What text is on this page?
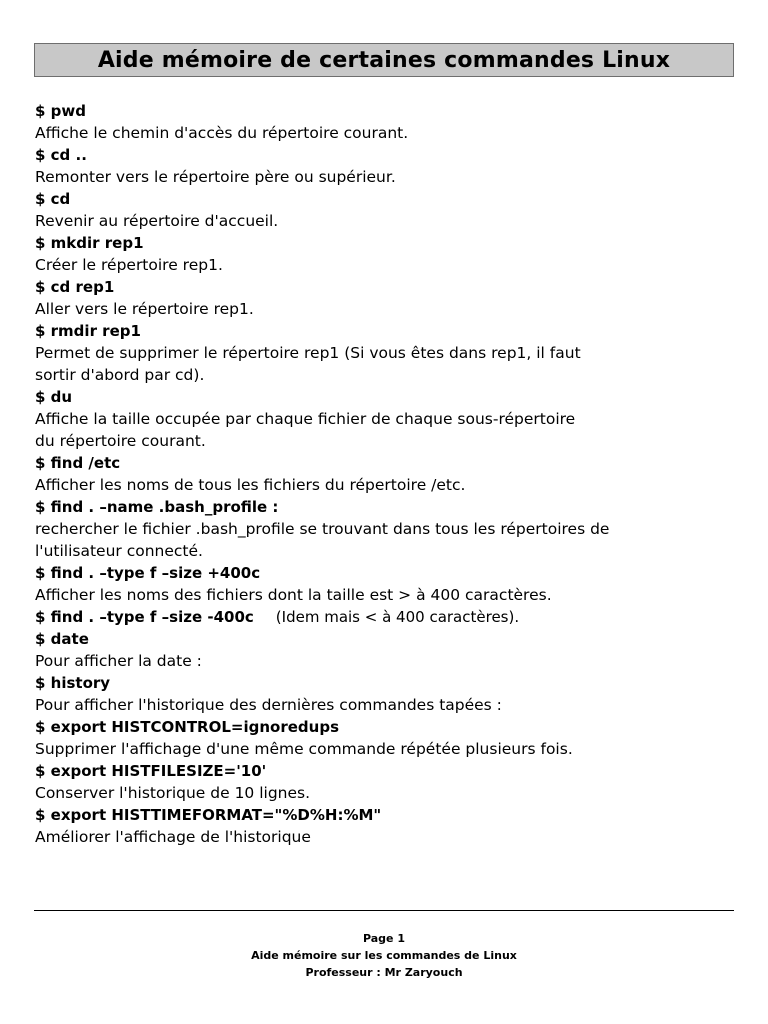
Aide mémoire de certaines commandes Linux
$ pwd
Affiche le chemin d'accès du répertoire courant.
$ cd ..
Remonter vers le répertoire père ou supérieur.
$ cd
Revenir au répertoire d'accueil.
$ mkdir rep1
Créer le répertoire rep1.
$ cd rep1
Aller vers le répertoire rep1.
$ rmdir rep1
Permet de supprimer le répertoire rep1 (Si vous êtes dans rep1, il faut
sortir d'abord par cd).
$ du
Affiche la taille occupée par chaque fichier de chaque sous-répertoire
du répertoire courant.
$ find /etc
Afficher les noms de tous les fichiers du répertoire /etc.
$ find . –name .bash_profile :
rechercher le fichier .bash_profile se trouvant dans tous les répertoires de
l'utilisateur connecté.
$ find . –type f –size +400c
Afficher les noms des fichiers dont la taille est > à 400 caractères.
$ find . –type f –size -400c (Idem mais < à 400 caractères).
$ date
Pour afficher la date :
$ history
Pour afficher l'historique des dernières commandes tapées :
$ export HISTCONTROL=ignoredups
Supprimer l'affichage d'une même commande répétée plusieurs fois.
$ export HISTFILESIZE='10'
Conserver l'historique de 10 lignes.
$ export HISTTIMEFORMAT="%D%H:%M"
Améliorer l'affichage de l'historique
Page 1
Aide mémoire sur les commandes de Linux
Professeur : Mr Zaryouch
